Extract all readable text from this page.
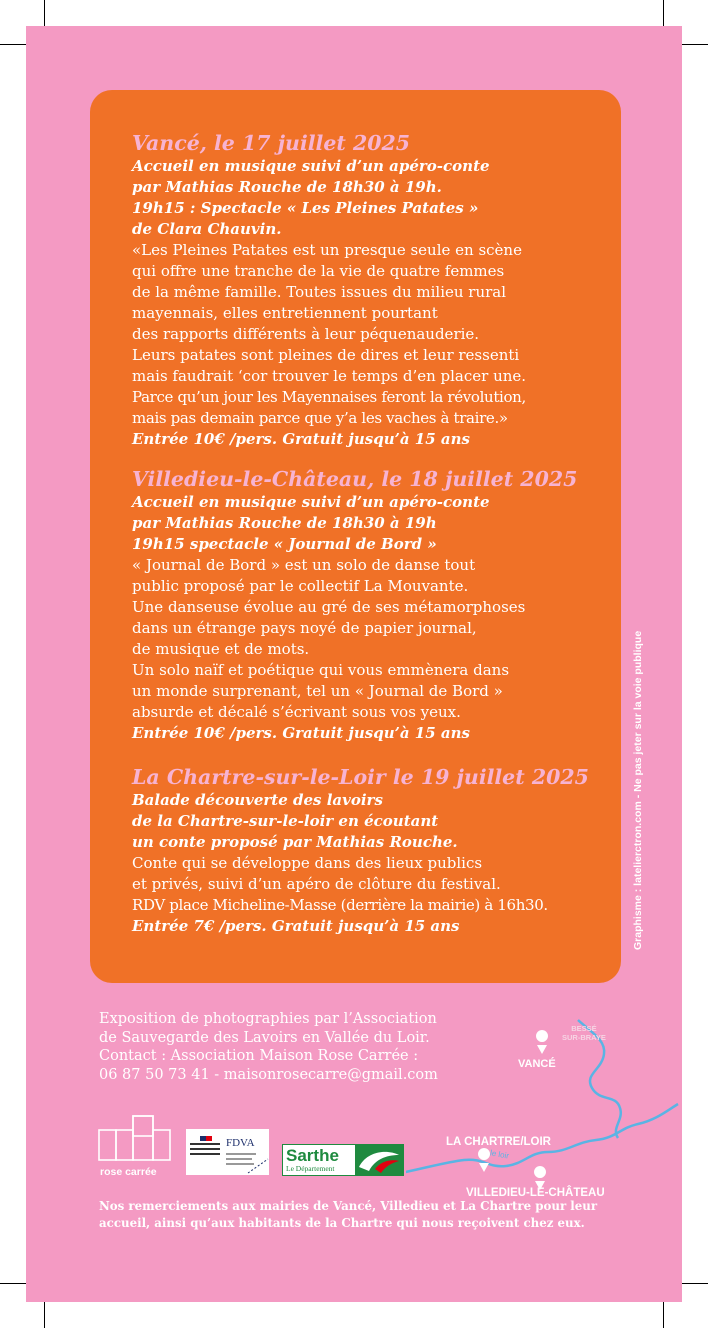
Vancé, le 17 juillet 2025

Accueil en musique suivi d’un apéro-conte

par Mathias Rouche de 18h30 à 19h.

19h15 : Spectacle « Les Pleines Patates »

de Clara Chauvin.

«Les Pleines Patates est un presque seule en scène

qui offre une tranche de la vie de quatre femmes

de la même famille. Toutes issues du milieu rural

mayennais, elles entretiennent pourtant

des rapports différents à leur péquenauderie.

Leurs patates sont pleines de dires et leur ressenti

mais faudrait ‘cor trouver le temps d’en placer une.

Parce qu’un jour les Mayennaises feront la révolution,

mais pas demain parce que y’a les vaches à traire.»

Entrée 10€ /pers. Gratuit jusqu’à 15 ans

Villedieu-le-Château, le 18 juillet 2025

Accueil en musique suivi d’un apéro-conte

par Mathias Rouche de 18h30 à 19h

19h15 spectacle « Journal de Bord »

« Journal de Bord » est un solo de danse tout

public proposé par le collectif La Mouvante.

Une danseuse évolue au gré de ses métamorphoses

dans un étrange pays noyé de papier journal,

de musique et de mots.

Un solo naïf et poétique qui vous emmènera dans

un monde surprenant, tel un « Journal de Bord »

absurde et décalé s’écrivant sous vos yeux.

Entrée 10€ /pers. Gratuit jusqu’à 15 ans

La Chartre-sur-le-Loir le 19 juillet 2025

Balade découverte des lavoirs

de la Chartre-sur-le-loir en écoutant

un conte proposé par Mathias Rouche.

Conte qui se développe dans des lieux publics

et privés, suivi d’un apéro de clôture du festival.

RDV place Micheline-Masse (derrière la mairie) à 16h30.

Entrée 7€ /pers. Gratuit jusqu’à 15 ans	Graphisme : latelierctron.com - Ne pas jeter sur la voie publique

Exposition de photographies par l’Association

de Sauvegarde des Lavoirs en Vallée du Loir.

Contact : Association Maison Rose Carrée :

06 87 50 73 41 - maisonrosecarre@gmail.com

BESSÉ
SUR-BRAYE
VANCÉ
LA CHARTRE/LOIR
le loir
VILLEDIEU-LE-CHÂTEAU
rose carrée
FDVA
Sarthe
Le Département

Nos remerciements aux mairies de Vancé, Villedieu et La Chartre pour leur

accueil, ainsi qu’aux habitants de la Chartre qui nous reçoivent chez eux.
